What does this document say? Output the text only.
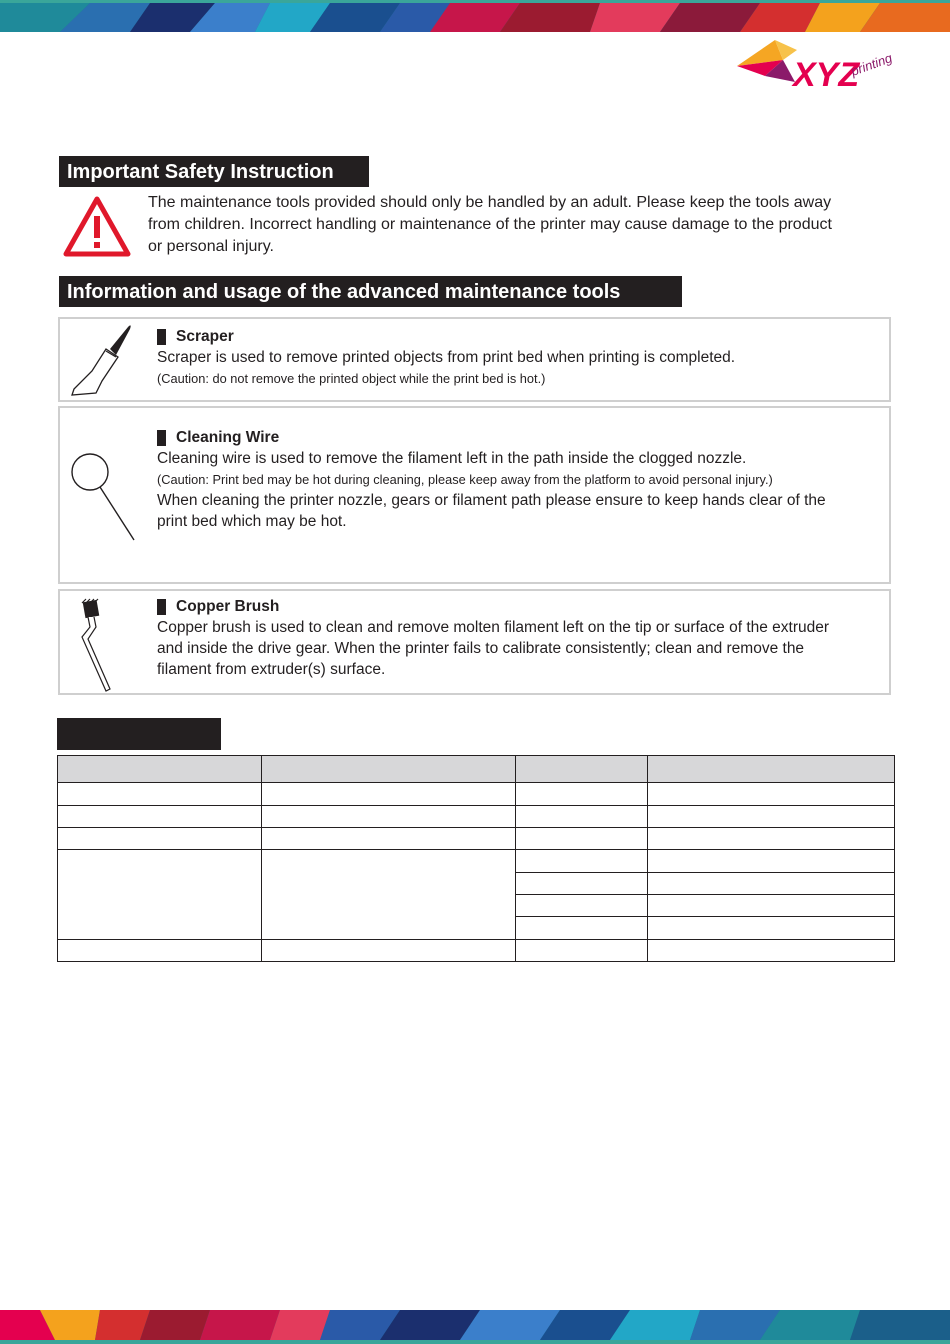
XYZ
printing
Important Safety Instruction
The maintenance tools provided should only be handled by an adult. Please keep the tools away
from children. Incorrect handling or maintenance of the printer may cause damage to the product
or personal injury.
Information and usage of the advanced maintenance tools
Scraper

Scraper is used to remove printed objects from print bed when printing is completed.

(Caution: do not remove the printed object while the print bed is hot.)

Cleaning Wire

Cleaning wire is used to remove the filament left in the path inside the clogged nozzle.

(Caution: Print bed may be hot during cleaning, please keep away from the platform to avoid personal injury.)

When cleaning the printer nozzle, gears or filament path please ensure to keep hands clear of the

print bed which may be hot.

Copper Brush

Copper brush is used to clean and remove molten filament left on the tip or surface of the extruder

and inside the drive gear. When the printer fails to calibrate consistently; clean and remove the

filament from extruder(s) surface.
